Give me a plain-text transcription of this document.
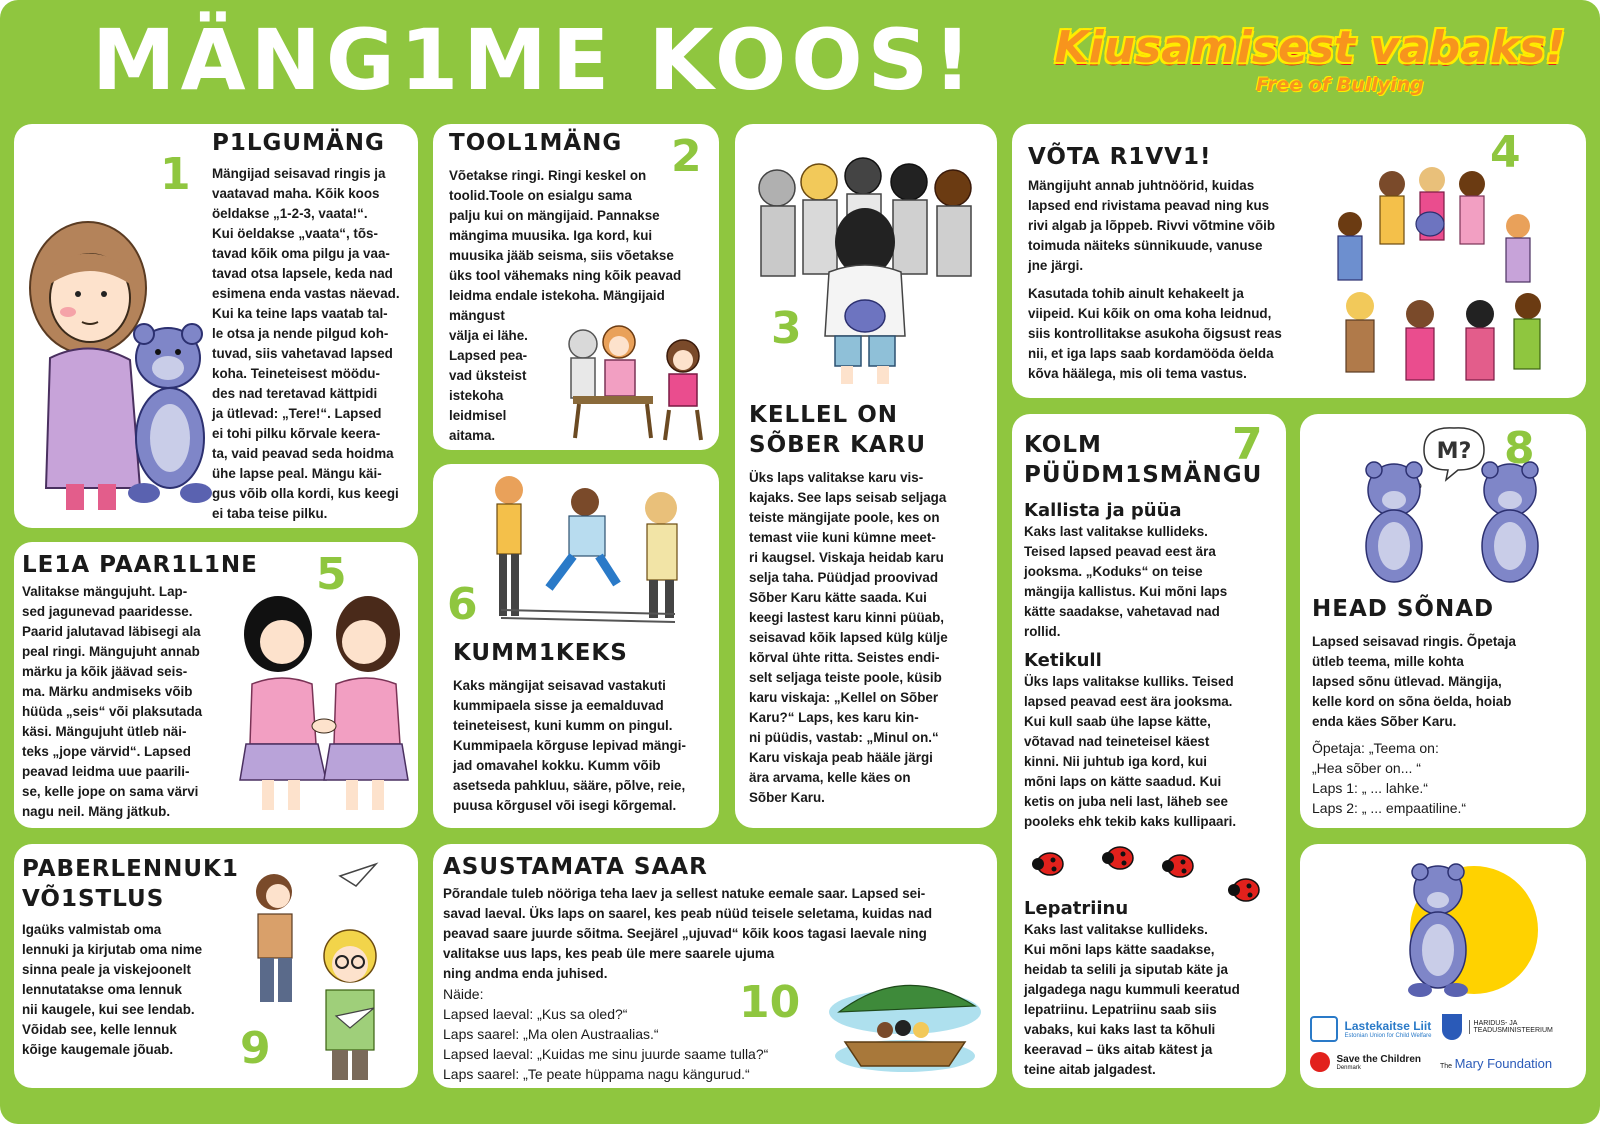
MÄNG1ME KOOS!	Kiusamisest vabaks!
Free of Bullying
P1LGUMÄNG
1 Mängijad seisavad ringis ja

vaatavad maha. Kõik koos

öeldakse „1-2-3, vaata!“.

Kui öeldakse „vaata“, tõs-

tavad kõik oma pilgu ja vaa-

tavad otsa lapsele, keda nad

esimena enda vastas näevad.

Kui ka teine laps vaatab tal-

le otsa ja nende pilgud koh-

tuvad, siis vahetavad lapsed

koha. Teineteisest möödu-

des nad teretavad kättpidi

ja ütlevad: „Tere!“. Lapsed

ei tohi pilku kõrvale keera-

ta, vaid peavad seda hoidma

ühe lapse peal. Mängu käi-

gus võib olla kordi, kus keegi

ei taba teise pilku.

TOOL1MÄNG 2

Võetakse ringi. Ringi keskel on

toolid.Toole on esialgu sama

palju kui on mängijaid. Pannakse

mängima muusika. Iga kord, kui

muusika jääb seisma, siis võetakse

üks tool vähemaks ning kõik peavad

leidma endale istekoha. Mängijaid

mängust

välja ei lähe.

Lapsed pea-

vad üksteist

istekoha

leidmisel

aitama.

3
KELLEL ON
SÕBER KARU

Üks laps valitakse karu vis-

kajaks. See laps seisab seljaga

teiste mängijate poole, kes on

temast viie kuni kümne meet-

ri kaugsel. Viskaja heidab karu

selja taha. Püüdjad proovivad

Sõber Karu kätte saada. Kui

keegi lastest karu kinni püüab,

seisavad kõik lapsed külg külje

kõrval ühte ritta. Seistes endi-

selt seljaga teiste poole, küsib

karu viskaja: „Kellel on Sõber

Karu?“ Laps, kes karu kin-

ni püüdis, vastab: „Minul on.“

Karu viskaja peab hääle järgi

ära arvama, kelle käes on

Sõber Karu.

VÕTA R1VV1!	4

Mängijuht annab juhtnöörid, kuidas

lapsed end rivistama peavad ning kus

rivi algab ja lõppeb. Rivvi võtmine võib

toimuda näiteks sünnikuude, vanuse

jne järgi.

Kasutada tohib ainult kehakeelt ja

viipeid. Kui kõik on oma koha leidnud,

siis kontrollitakse asukoha õigsust reas

nii, et iga laps saab kordamööda öelda

kõva häälega, mis oli tema vastus.

LE1A PAAR1L1NE 5

Valitakse mängujuht. Lap-

sed jagunevad paaridesse.

Paarid jalutavad läbisegi ala

peal ringi. Mängujuht annab

märku ja kõik jäävad seis-

ma. Märku andmiseks võib

hüüda „seis“ või plaksutada

käsi. Mängujuht ütleb näi-

teks „jope värvid“. Lapsed

peavad leidma uue paarili-

se, kelle jope on sama värvi

nagu neil. Mäng jätkub.

6
KUMM1KEKS

Kaks mängijat seisavad vastakuti

kummipaela sisse ja eemalduvad

teineteisest, kuni kumm on pingul.

Kummipaela kõrguse lepivad mängi-

jad omavahel kokku. Kumm võib

asetseda pahkluu, sääre, põlve, reie,

puusa kõrgusel või isegi kõrgemal.

KOLM
PÜÜDM1SMÄNGU
7
Kallista ja püüa

Kaks last valitakse kullideks.

Teised lapsed peavad eest ära

jooksma. „Koduks“ on teise

mängija kallistus. Kui mõni laps

kätte saadakse, vahetavad nad

rollid.

Ketikull

Üks laps valitakse kulliks. Teised

lapsed peavad eest ära jooksma.

Kui kull saab ühe lapse kätte,

võtavad nad teineteisel käest

kinni. Nii juhtub iga kord, kui

mõni laps on kätte saadud. Kui

ketis on juba neli last, läheb see

pooleks ehk tekib kaks kullipaari.

Lepatriinu

Kaks last valitakse kullideks.

Kui mõni laps kätte saadakse,

heidab ta selili ja siputab käte ja

jalgadega nagu kummuli keeratud

lepatriinu. Lepatriinu saab siis

vabaks, kui kaks last ta kõhuli

keeravad – üks aitab kätest ja

teine aitab jalgadest.

M? 8
HEAD SÕNAD

Lapsed seisavad ringis. Õpetaja

ütleb teema, mille kohta

lapsed sõnu ütlevad. Mängija,

kelle kord on sõna öelda, hoiab

enda käes Sõber Karu.

Õpetaja: „Teema on:
„Hea sõber on... “
Laps 1: „ ... lahke.“
Laps 2: „ ... empaatiline.“
PABERLENNUK1
VÕ1STLUS

Igaüks valmistab oma

lennuki ja kirjutab oma nime

sinna peale ja viskejoonelt

lennutatakse oma lennuk

nii kaugele, kui see lendab.

Võidab see, kelle lennuk

kõige kaugemale jõuab.	9
ASUSTAMATA SAAR

Põrandale tuleb nööriga teha laev ja sellest natuke eemale saar. Lapsed sei-

savad laeval. Üks laps on saarel, kes peab nüüd teisele seletama, kuidas nad

peavad saare juurde sõitma. Seejärel „ujuvad“ kõik koos tagasi laevale ning

valitakse uus laps, kes peab üle mere saarele ujuma

ning andma enda juhised.

Näide:
Lapsed laeval: „Kus sa oled?“
Laps saarel: „Ma olen Austraalias.“
Lapsed laeval: „Kuidas me sinu juurde saame tulla?“
Laps saarel: „Te peate hüppama nagu kängurud.“
10
	Lastekaitse Liit
Estonian Union for Child Welfare

HARIDUS- JA
TEADUSMINISTEERIUM

Save the Children
Denmark	The Mary Foundation
